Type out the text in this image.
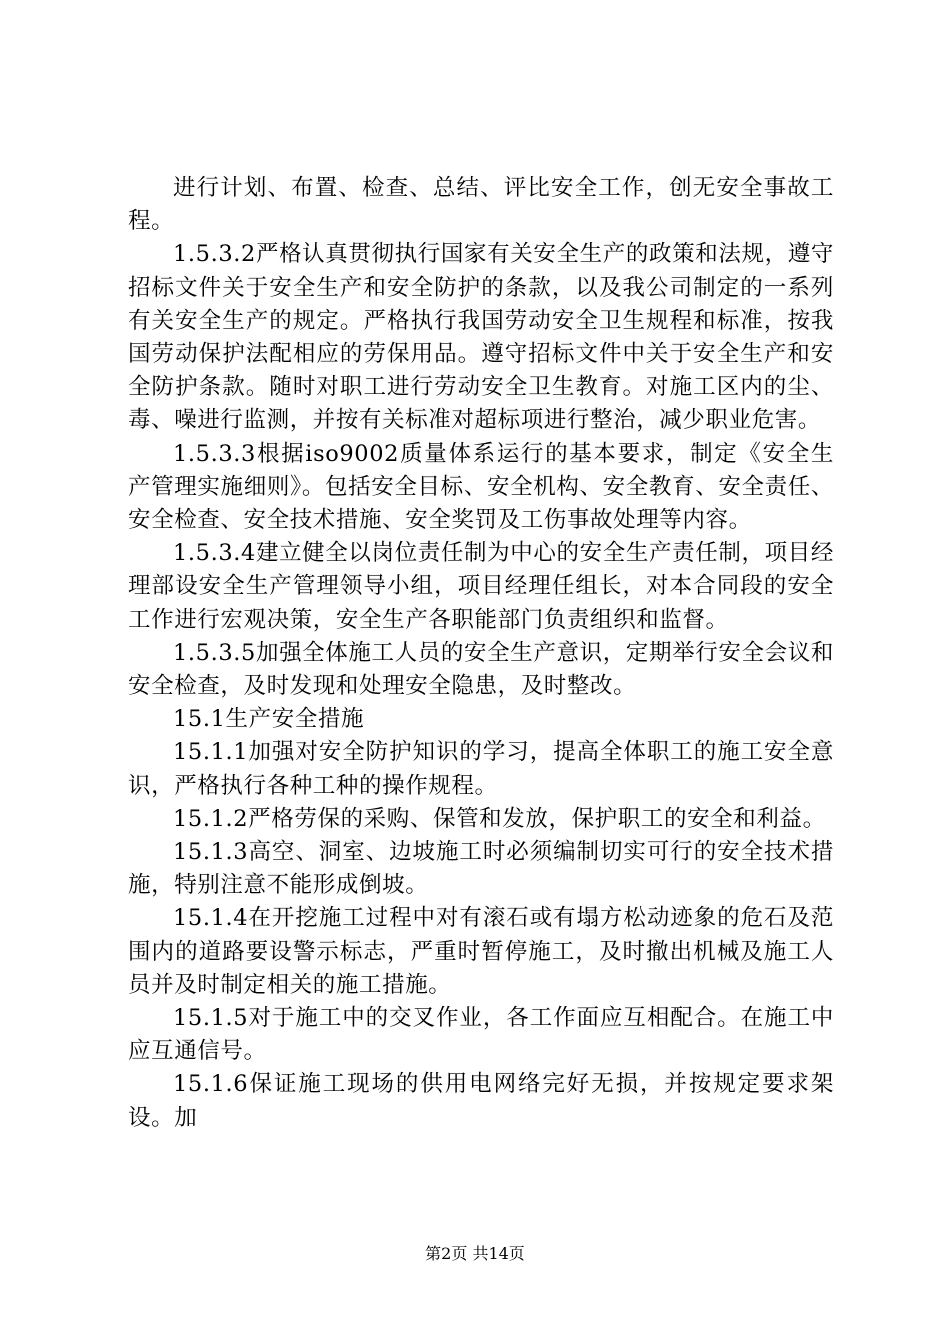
进行计划、布置、检查、总结、评比安全工作，创无安全事故工程。

1.5.3.2严格认真贯彻执行国家有关安全生产的政策和法规，遵守招标文件关于安全生产和安全防护的条款，以及我公司制定的一系列有关安全生产的规定。严格执行我国劳动安全卫生规程和标准，按我国劳动保护法配相应的劳保用品。遵守招标文件中关于安全生产和安全防护条款。随时对职工进行劳动安全卫生教育。对施工区内的尘、毒、噪进行监测，并按有关标准对超标项进行整治，减少职业危害。

1.5.3.3根据iso9002质量体系运行的基本要求，制定《安全生产管理实施细则》。包括安全目标、安全机构、安全教育、安全责任、安全检查、安全技术措施、安全奖罚及工伤事故处理等内容。

1.5.3.4建立健全以岗位责任制为中心的安全生产责任制，项目经理部设安全生产管理领导小组，项目经理任组长，对本合同段的安全工作进行宏观决策，安全生产各职能部门负责组织和监督。

1.5.3.5加强全体施工人员的安全生产意识，定期举行安全会议和安全检查，及时发现和处理安全隐患，及时整改。

15.1生产安全措施

15.1.1加强对安全防护知识的学习，提高全体职工的施工安全意识，严格执行各种工种的操作规程。

15.1.2严格劳保的采购、保管和发放，保护职工的安全和利益。

15.1.3高空、洞室、边坡施工时必须编制切实可行的安全技术措施，特别注意不能形成倒坡。

15.1.4在开挖施工过程中对有滚石或有塌方松动迹象的危石及范围内的道路要设警示标志，严重时暂停施工，及时撤出机械及施工人员并及时制定相关的施工措施。

15.1.5对于施工中的交叉作业，各工作面应互相配合。在施工中应互通信号。

15.1.6保证施工现场的供用电网络完好无损，并按规定要求架设。加

第2页 共14页
